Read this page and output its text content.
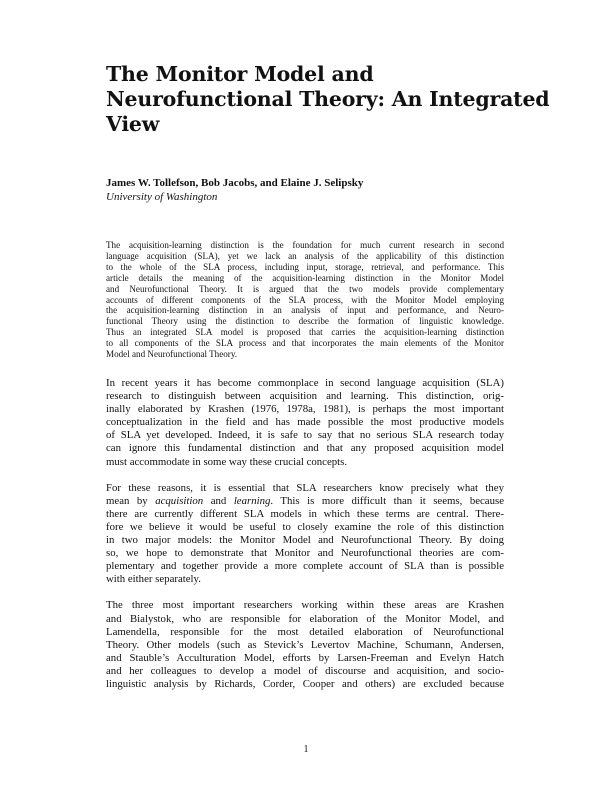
The Monitor Model and
Neurofunctional Theory: An Integrated
View
James W. Tollefson, Bob Jacobs, and Elaine J. Selipsky
University of Washington
The acquisition-learning distinction is the foundation for much current research in second
language acquisition (SLA), yet we lack an analysis of the applicability of this distinction
to the whole of the SLA process, including input, storage, retrieval, and performance. This
article details the meaning of the acquisition-learning distinction in the Monitor Model
and Neurofunctional Theory. It is argued that the two models provide complementary
accounts of different components of the SLA process, with the Monitor Model employing
the acquisition-learning distinction in an analysis of input and performance, and Neuro-
functional Theory using the distinction to describe the formation of linguistic knowledge.
Thus an integrated SLA model is proposed that carries the acquisition-learning distinction
to all components of the SLA process and that incorporates the main elements of the Monitor
Model and Neurofunctional Theory.

In recent years it has become commonplace in second language acquisition (SLA)
research to distinguish between acquisition and learning. This distinction, orig-
inally elaborated by Krashen (1976, 1978a, 1981), is perhaps the most important
conceptualization in the field and has made possible the most productive models
of SLA yet developed. Indeed, it is safe to say that no serious SLA research today
can ignore this fundamental distinction and that any proposed acquisition model
must accommodate in some way these crucial concepts.

For these reasons, it is essential that SLA researchers know precisely what they
mean by acquisition and learning. This is more difficult than it seems, because
there are currently different SLA models in which these terms are central. There-
fore we believe it would be useful to closely examine the role of this distinction
in two major models: the Monitor Model and Neurofunctional Theory. By doing
so, we hope to demonstrate that Monitor and Neurofunctional theories are com-
plementary and together provide a more complete account of SLA than is possible
with either separately.

The three most important researchers working within these areas are Krashen
and Bialystok, who are responsible for elaboration of the Monitor Model, and
Lamendella, responsible for the most detailed elaboration of Neurofunctional
Theory. Other models (such as Stevick’s Levertov Machine, Schumann, Andersen,
and Stauble’s Acculturation Model, efforts by Larsen-Freeman and Evelyn Hatch
and her colleagues to develop a model of discourse and acquisition, and socio-
linguistic analysis by Richards, Corder, Cooper and others) are excluded because

1
